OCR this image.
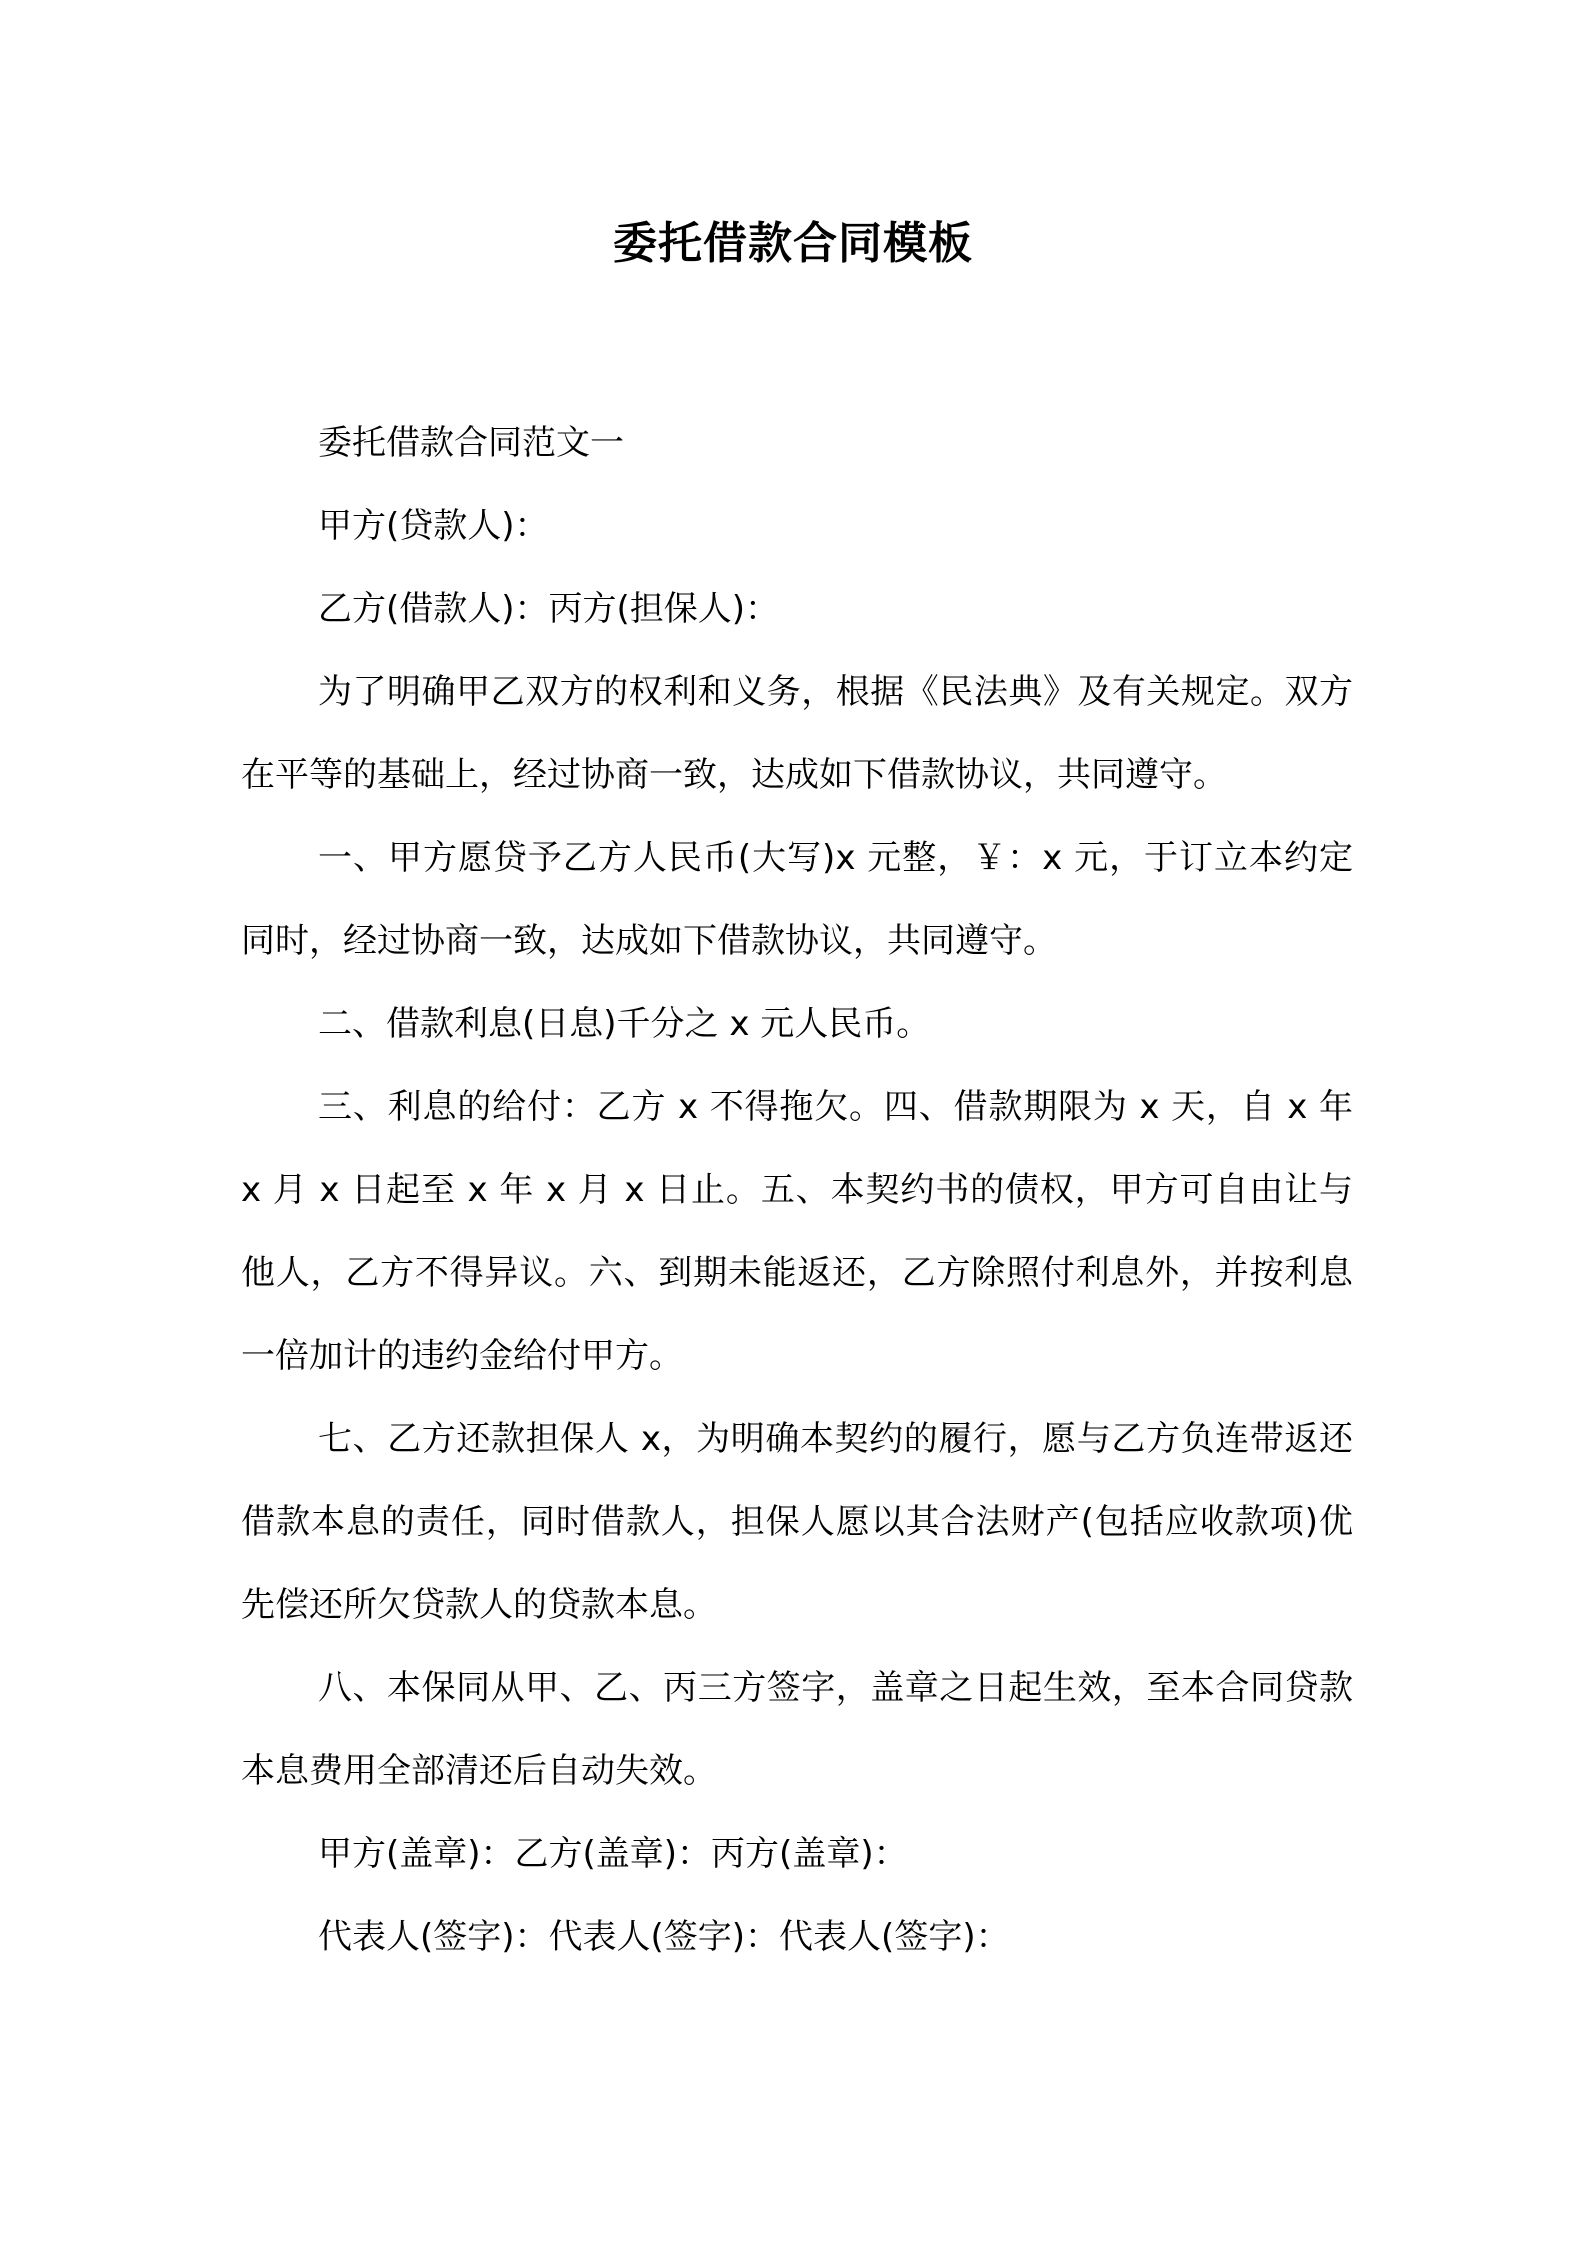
委托借款合同模板

委托借款合同范文一

甲方(贷款人)：

乙方(借款人)：丙方(担保人)：

为了明确甲乙双方的权利和义务，根据《民法典》及有关规定。双方在平等的基础上，经过协商一致，达成如下借款协议，共同遵守。

一、甲方愿贷予乙方人民币(大写)x 元整，￥：x 元，于订立本约定同时，经过协商一致，达成如下借款协议，共同遵守。

二、借款利息(日息)千分之 x 元人民币。

三、利息的给付：乙方 x 不得拖欠。四、借款期限为 x 天，自 x 年 x 月 x 日起至 x 年 x 月 x 日止。五、本契约书的债权，甲方可自由让与他人，乙方不得异议。六、到期未能返还，乙方除照付利息外，并按利息一倍加计的违约金给付甲方。

七、乙方还款担保人 x，为明确本契约的履行，愿与乙方负连带返还借款本息的责任，同时借款人，担保人愿以其合法财产(包括应收款项)优先偿还所欠贷款人的贷款本息。

八、本保同从甲、乙、丙三方签字，盖章之日起生效，至本合同贷款本息费用全部清还后自动失效。

甲方(盖章)：乙方(盖章)：丙方(盖章)：

代表人(签字)：代表人(签字)：代表人(签字)：
